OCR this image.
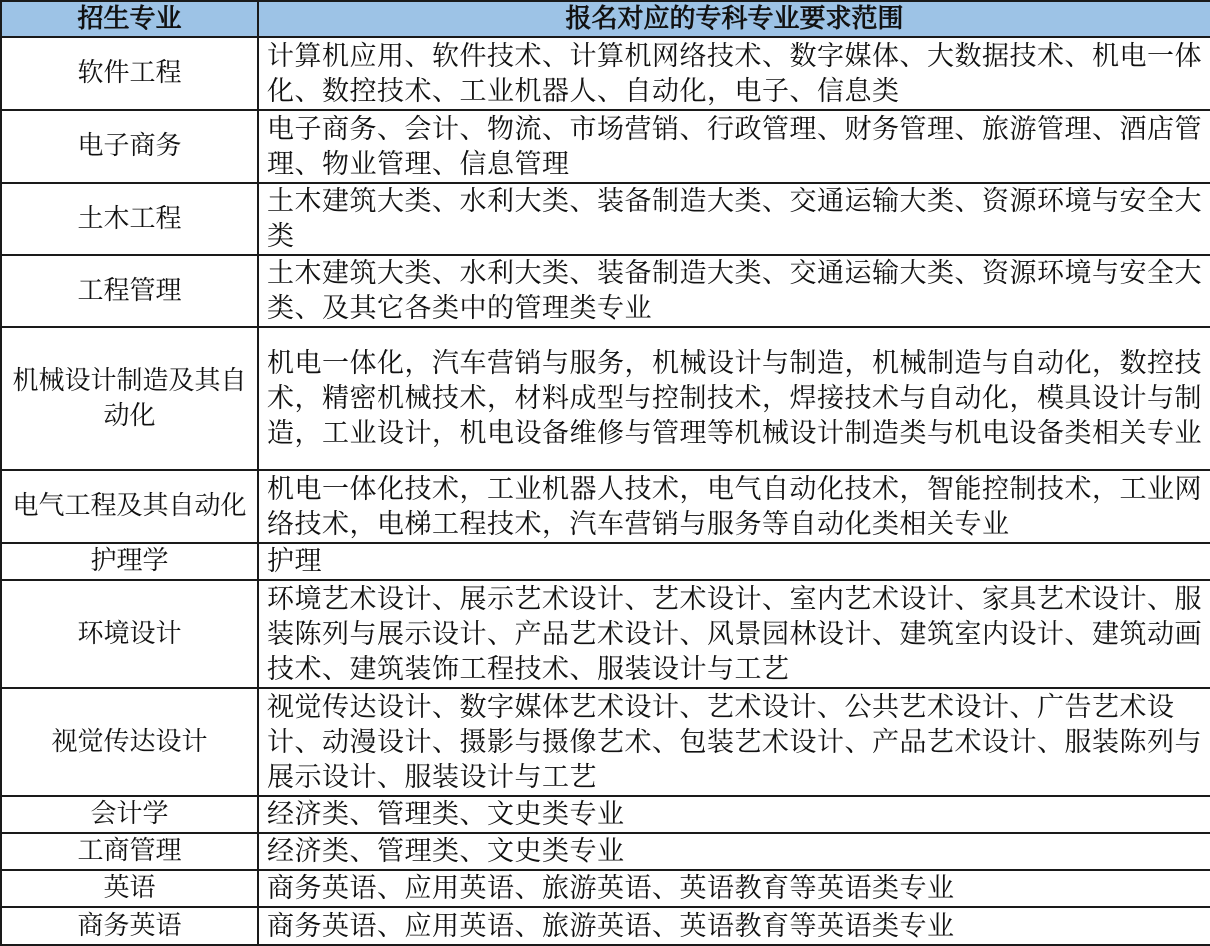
招生专业	报名对应的专科专业要求范围
软件工程	计算机应用、软件技术、计算机网络技术、数字媒体、大数据技术、机电一体化、数控技术、工业机器人、自动化，电子、信息类
电子商务	电子商务、会计、物流、市场营销、行政管理、财务管理、旅游管理、酒店管理、物业管理、信息管理
土木工程	土木建筑大类、水利大类、装备制造大类、交通运输大类、资源环境与安全大类
工程管理	土木建筑大类、水利大类、装备制造大类、交通运输大类、资源环境与安全大类、及其它各类中的管理类专业
机械设计制造及其自动化	机电一体化，汽车营销与服务，机械设计与制造，机械制造与自动化，数控技术，精密机械技术，材料成型与控制技术，焊接技术与自动化，模具设计与制造，工业设计，机电设备维修与管理等机械设计制造类与机电设备类相关专业
电气工程及其自动化	机电一体化技术，工业机器人技术，电气自动化技术，智能控制技术，工业网络技术，电梯工程技术，汽车营销与服务等自动化类相关专业
护理学	护理
环境设计	环境艺术设计、展示艺术设计、艺术设计、室内艺术设计、家具艺术设计、服装陈列与展示设计、产品艺术设计、风景园林设计、建筑室内设计、建筑动画技术、建筑装饰工程技术、服装设计与工艺
视觉传达设计	视觉传达设计、数字媒体艺术设计、艺术设计、公共艺术设计、广告艺术设计、动漫设计、摄影与摄像艺术、包装艺术设计、产品艺术设计、服装陈列与展示设计、服装设计与工艺
会计学	经济类、管理类、文史类专业
工商管理	经济类、管理类、文史类专业
英语	商务英语、应用英语、旅游英语、英语教育等英语类专业
商务英语	商务英语、应用英语、旅游英语、英语教育等英语类专业
